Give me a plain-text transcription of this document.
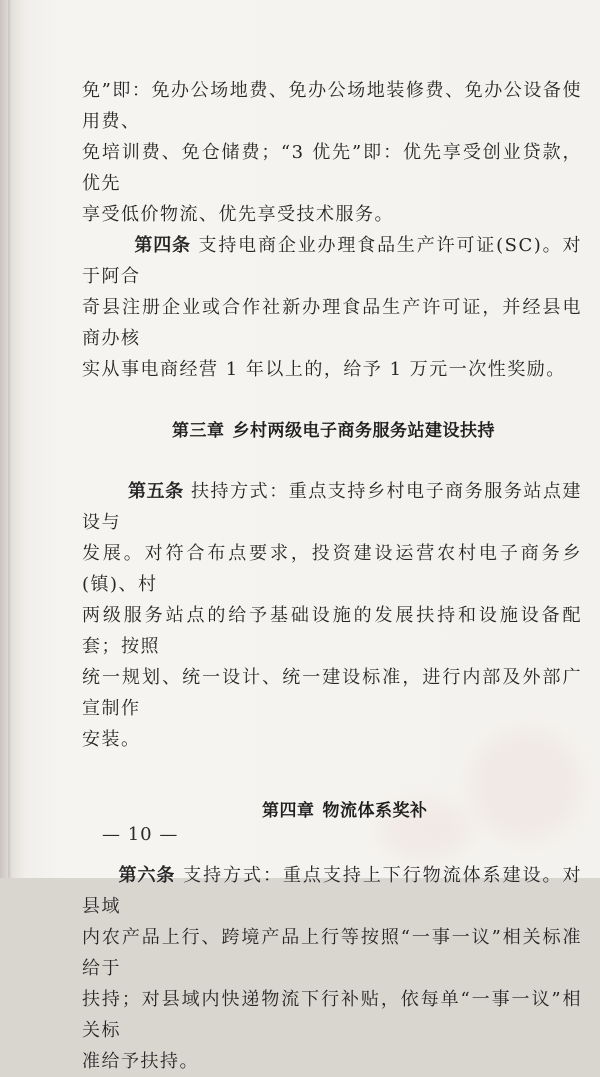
免”即：免办公场地费、免办公场地装修费、免办公设备使用费、
免培训费、免仓储费；“3 优先”即：优先享受创业贷款，优先
享受低价物流、优先享受技术服务。

第四条 支持电商企业办理食品生产许可证(SC)。对于阿合
奇县注册企业或合作社新办理食品生产许可证，并经县电商办核
实从事电商经营 1 年以上的，给予 1 万元一次性奖励。

第三章 乡村两级电子商务服务站建设扶持

第五条 扶持方式：重点支持乡村电子商务服务站点建设与
发展。对符合布点要求，投资建设运营农村电子商务乡(镇)、村
两级服务站点的给予基础设施的发展扶持和设施设备配套；按照
统一规划、统一设计、统一建设标准，进行内部及外部广宣制作
安装。

第四章 物流体系奖补

第六条 支持方式：重点支持上下行物流体系建设。对县域
内农产品上行、跨境产品上行等按照“一事一议”相关标准给于
扶持；对县域内快递物流下行补贴，依每单“一事一议”相关标
准给予扶持。

— 10 —
